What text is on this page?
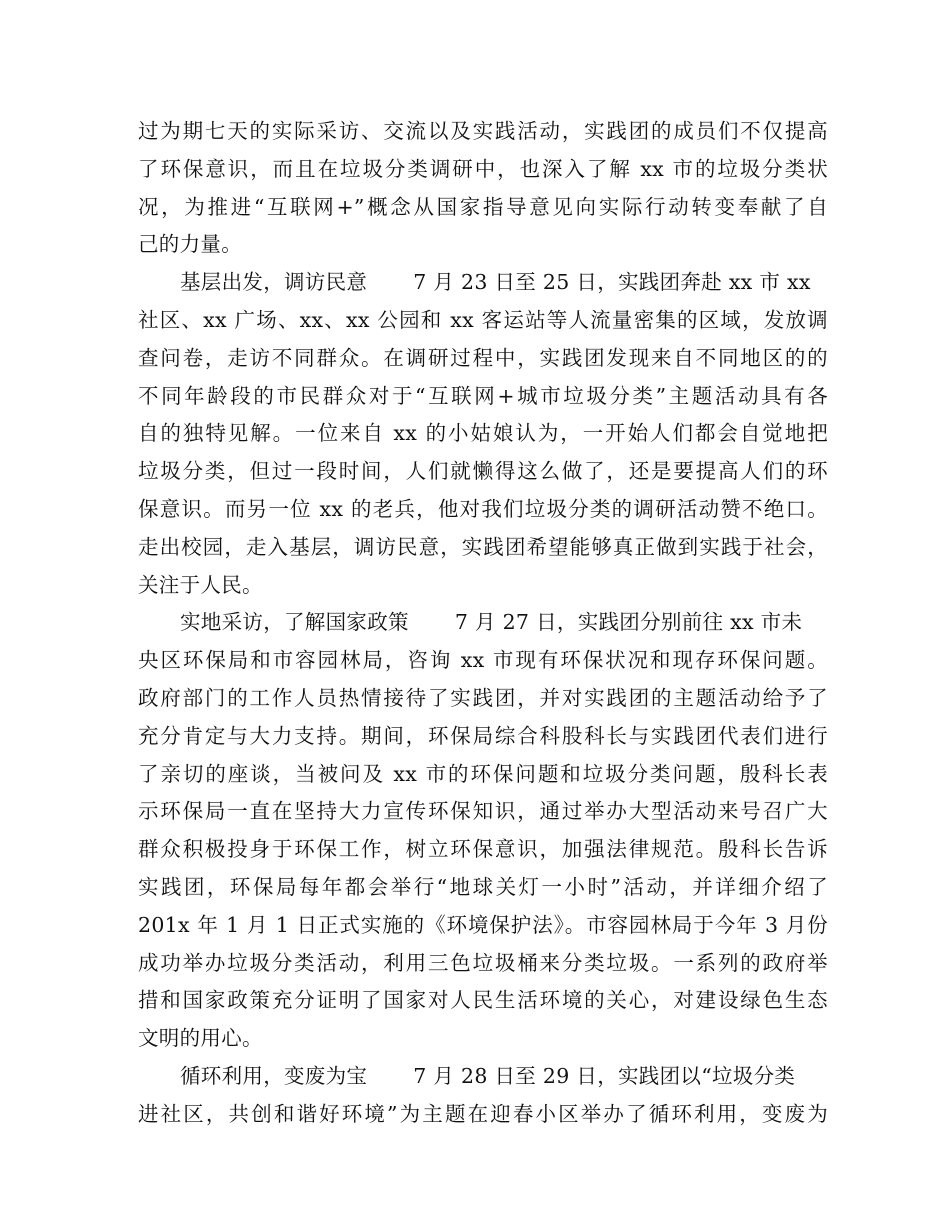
过为期七天的实际采访、交流以及实践活动，实践团的成员们不仅提高
了环保意识，而且在垃圾分类调研中，也深入了解 xx 市的垃圾分类状
况，为推进“互联网+”概念从国家指导意见向实际行动转变奉献了自
己的力量。
基层出发，调访民意 7 月 23 日至 25 日，实践团奔赴 xx 市 xx
社区、xx 广场、xx、xx 公园和 xx 客运站等人流量密集的区域，发放调
查问卷，走访不同群众。在调研过程中，实践团发现来自不同地区的的
不同年龄段的市民群众对于“互联网+城市垃圾分类”主题活动具有各
自的独特见解。一位来自 xx 的小姑娘认为，一开始人们都会自觉地把
垃圾分类，但过一段时间，人们就懒得这么做了，还是要提高人们的环
保意识。而另一位 xx 的老兵，他对我们垃圾分类的调研活动赞不绝口。
走出校园，走入基层，调访民意，实践团希望能够真正做到实践于社会，
关注于人民。
实地采访，了解国家政策 7 月 27 日，实践团分别前往 xx 市未
央区环保局和市容园林局，咨询 xx 市现有环保状况和现存环保问题。
政府部门的工作人员热情接待了实践团，并对实践团的主题活动给予了
充分肯定与大力支持。期间，环保局综合科股科长与实践团代表们进行
了亲切的座谈，当被问及 xx 市的环保问题和垃圾分类问题，殷科长表
示环保局一直在坚持大力宣传环保知识，通过举办大型活动来号召广大
群众积极投身于环保工作，树立环保意识，加强法律规范。殷科长告诉
实践团，环保局每年都会举行“地球关灯一小时”活动，并详细介绍了
201x 年 1 月 1 日正式实施的《环境保护法》。市容园林局于今年 3 月份
成功举办垃圾分类活动，利用三色垃圾桶来分类垃圾。一系列的政府举
措和国家政策充分证明了国家对人民生活环境的关心，对建设绿色生态
文明的用心。
循环利用，变废为宝 7 月 28 日至 29 日，实践团以“垃圾分类
进社区，共创和谐好环境”为主题在迎春小区举办了循环利用，变废为
